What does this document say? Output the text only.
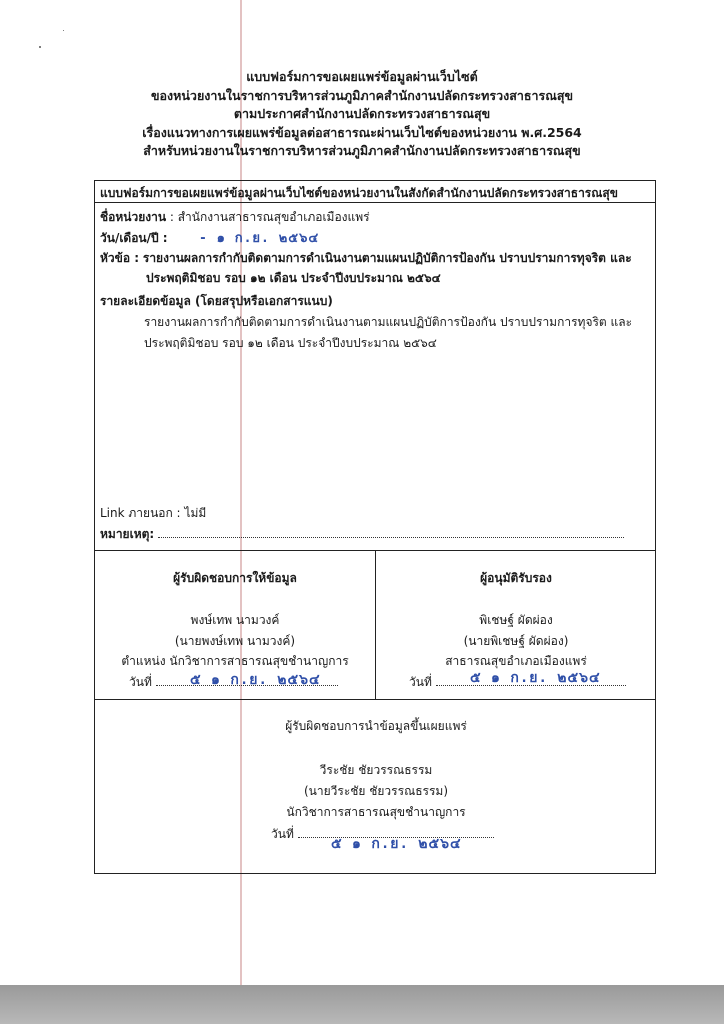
แบบฟอร์มการขอเผยแพร่ข้อมูลผ่านเว็บไซต์
ของหน่วยงานในราชการบริหารส่วนภูมิภาคสำนักงานปลัดกระทรวงสาธารณสุข
ตามประกาศสำนักงานปลัดกระทรวงสาธารณสุข
เรื่องแนวทางการเผยแพร่ข้อมูลต่อสาธารณะผ่านเว็บไซต์ของหน่วยงาน พ.ศ.2564
สำหรับหน่วยงานในราชการบริหารส่วนภูมิภาคสำนักงานปลัดกระทรวงสาธารณสุข
แบบฟอร์มการขอเผยแพร่ข้อมูลผ่านเว็บไซต์ของหน่วยงานในสังกัดสำนักงานปลัดกระทรวงสาธารณสุข
ชื่อหน่วยงาน : สำนักงานสาธารณสุขอำเภอเมืองแพร่
วัน/เดือน/ปี : - ๑ ก.ย. ๒๕๖๔
หัวข้อ : รายงานผลการกำกับติดตามการดำเนินงานตามแผนปฏิบัติการป้องกัน ปราบปรามการทุจริต และ
ประพฤติมิชอบ รอบ ๑๒ เดือน ประจำปีงบประมาณ ๒๕๖๔
รายละเอียดข้อมูล (โดยสรุปหรือเอกสารแนบ)
รายงานผลการกำกับติดตามการดำเนินงานตามแผนปฏิบัติการป้องกัน ปราบปรามการทุจริต และ
ประพฤติมิชอบ รอบ ๑๒ เดือน ประจำปีงบประมาณ ๒๕๖๔
Link ภายนอก : ไม่มี
หมายเหตุ:
ผู้รับผิดชอบการให้ข้อมูล
พงษ์เทพ นามวงค์
(นายพงษ์เทพ นามวงค์)
ตำแหน่ง นักวิชาการสาธารณสุขชำนาญการ
วันที่	๕ ๑ ก.ย. ๒๕๖๔
ผู้อนุมัติรับรอง
พิเชษฐ์ ผัดผ่อง
(นายพิเชษฐ์ ผัดผ่อง)
สาธารณสุขอำเภอเมืองแพร่
วันที่	๕ ๑ ก.ย. ๒๕๖๔
ผู้รับผิดชอบการนำข้อมูลขึ้นเผยแพร่
วีระชัย ชัยวรรณธรรม
(นายวีระชัย ชัยวรรณธรรม)
นักวิชาการสาธารณสุขชำนาญการ
วันที่
๕ ๑ ก.ย. ๒๕๖๔
